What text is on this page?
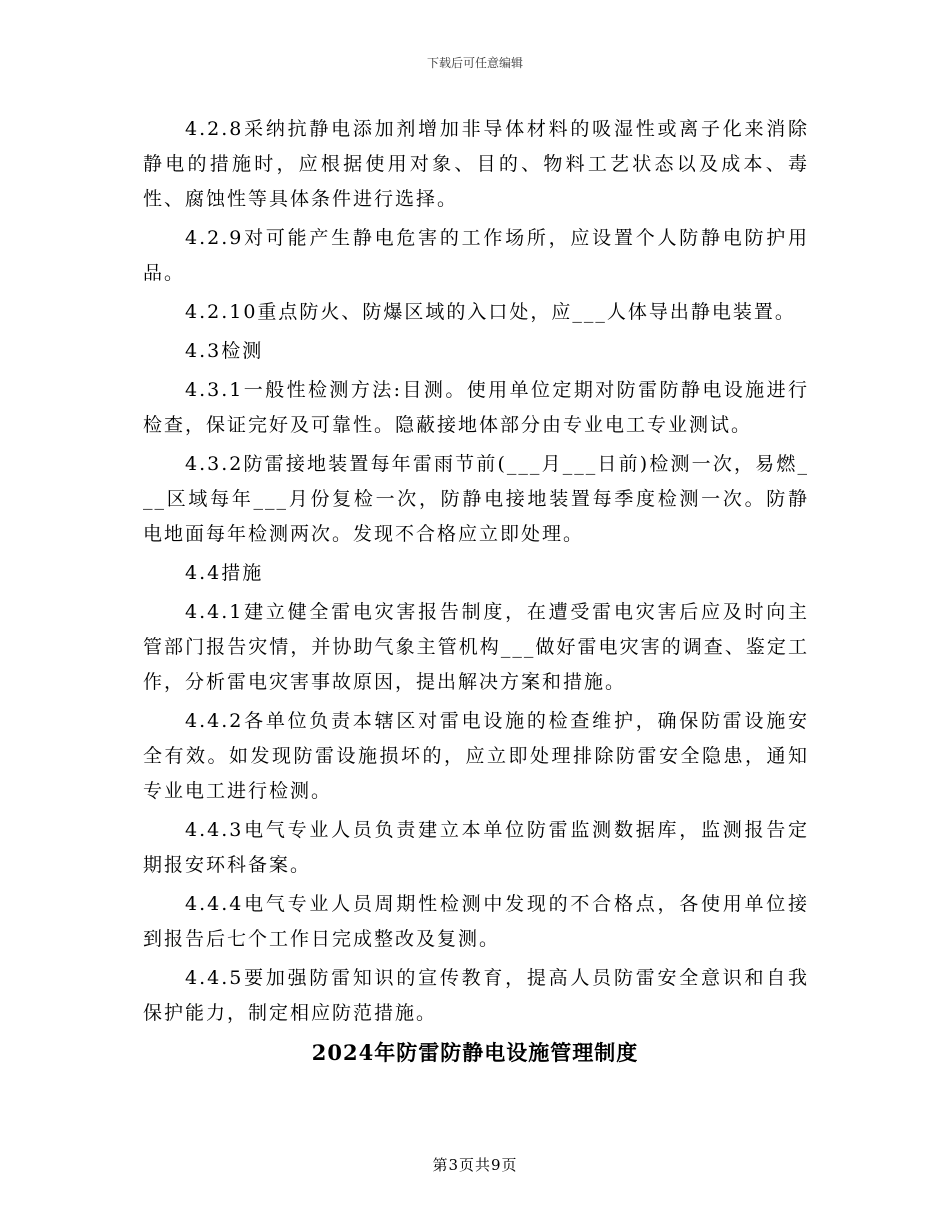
下载后可任意编辑

4.2.8采纳抗静电添加剂增加非导体材料的吸湿性或离子化来消除静电的措施时，应根据使用对象、目的、物料工艺状态以及成本、毒性、腐蚀性等具体条件进行选择。

4.2.9对可能产生静电危害的工作场所，应设置个人防静电防护用品。

4.2.10重点防火、防爆区域的入口处，应___人体导出静电装置。

4.3检测

4.3.1一般性检测方法:目测。使用单位定期对防雷防静电设施进行检查，保证完好及可靠性。隐蔽接地体部分由专业电工专业测试。

4.3.2防雷接地装置每年雷雨节前(___月___日前)检测一次，易燃___区域每年___月份复检一次，防静电接地装置每季度检测一次。防静电地面每年检测两次。发现不合格应立即处理。

4.4措施

4.4.1建立健全雷电灾害报告制度，在遭受雷电灾害后应及时向主管部门报告灾情，并协助气象主管机构___做好雷电灾害的调查、鉴定工作，分析雷电灾害事故原因，提出解决方案和措施。

4.4.2各单位负责本辖区对雷电设施的检查维护，确保防雷设施安全有效。如发现防雷设施损坏的，应立即处理排除防雷安全隐患，通知专业电工进行检测。

4.4.3电气专业人员负责建立本单位防雷监测数据库，监测报告定期报安环科备案。

4.4.4电气专业人员周期性检测中发现的不合格点，各使用单位接到报告后七个工作日完成整改及复测。

4.4.5要加强防雷知识的宣传教育，提高人员防雷安全意识和自我保护能力，制定相应防范措施。

2024年防雷防静电设施管理制度
第3页共9页
